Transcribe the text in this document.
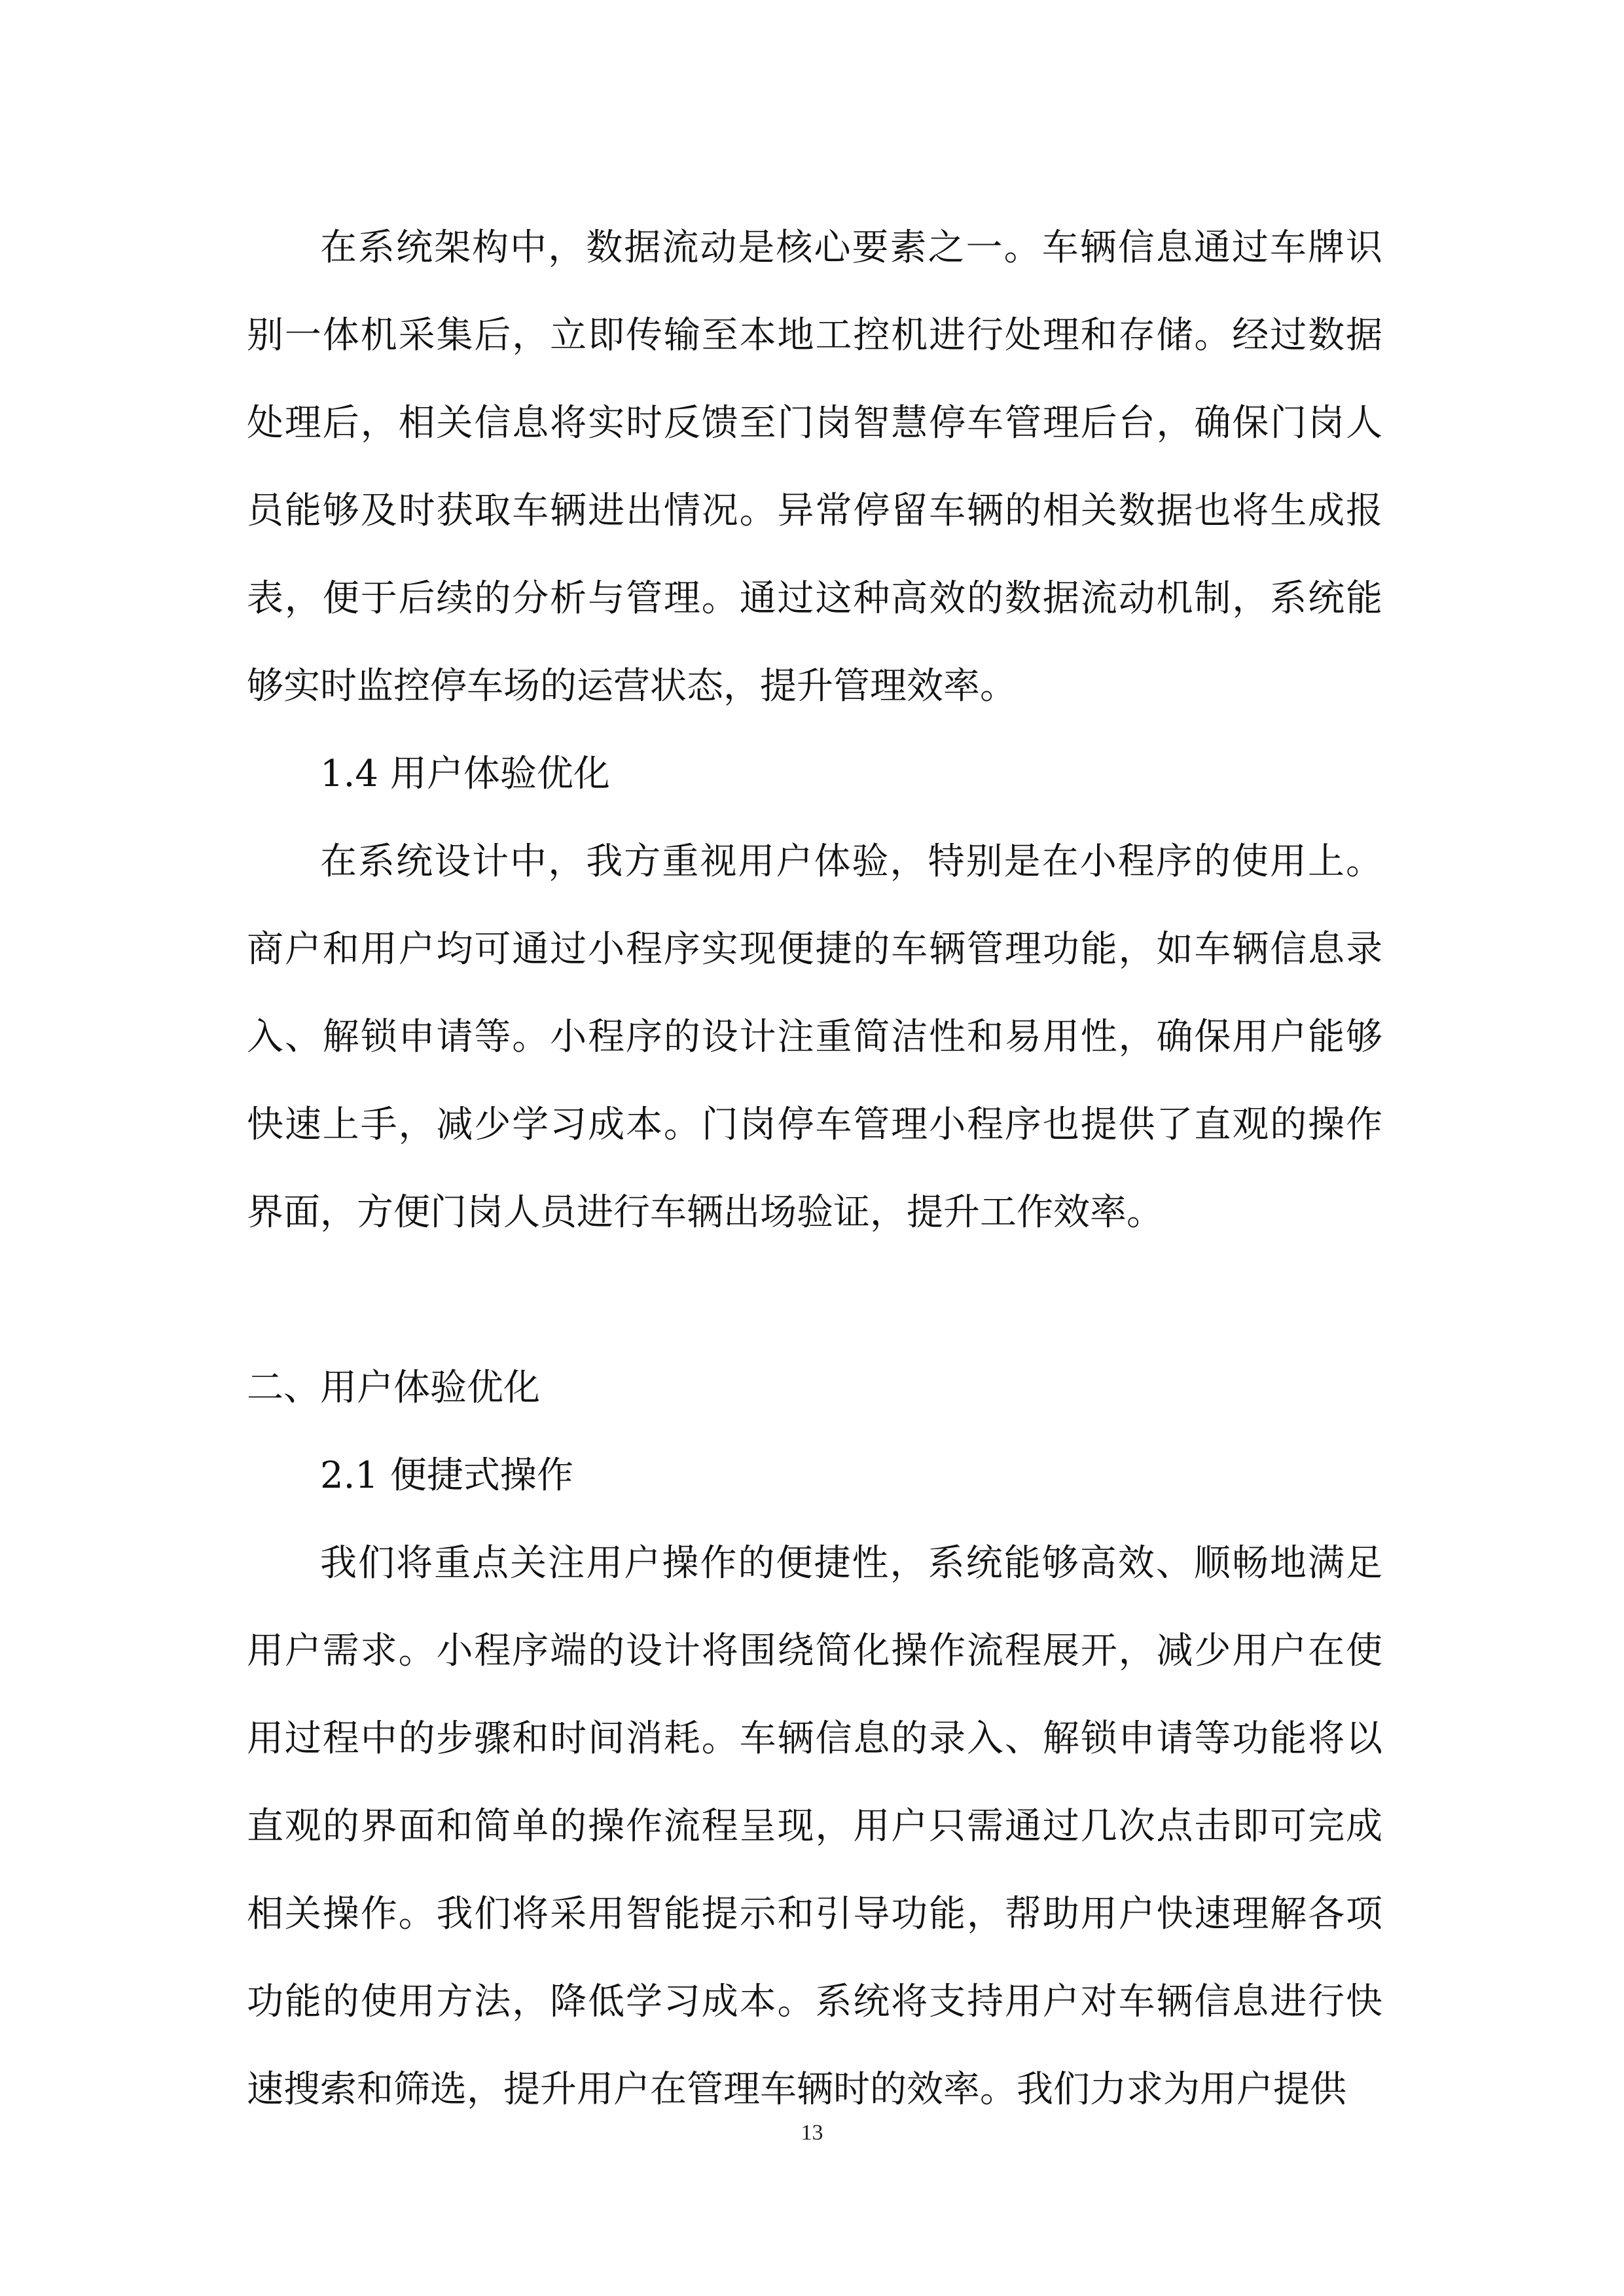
在系统架构中，数据流动是核心要素之一。车辆信息通过车牌识别一体机采集后，立即传输至本地工控机进行处理和存储。经过数据处理后，相关信息将实时反馈至门岗智慧停车管理后台，确保门岗人员能够及时获取车辆进出情况。异常停留车辆的相关数据也将生成报表，便于后续的分析与管理。通过这种高效的数据流动机制，系统能够实时监控停车场的运营状态，提升管理效率。

1.4 用户体验优化

在系统设计中，我方重视用户体验，特别是在小程序的使用上。商户和用户均可通过小程序实现便捷的车辆管理功能，如车辆信息录入、解锁申请等。小程序的设计注重简洁性和易用性，确保用户能够快速上手，减少学习成本。门岗停车管理小程序也提供了直观的操作界面，方便门岗人员进行车辆出场验证，提升工作效率。

二、用户体验优化

2.1 便捷式操作

我们将重点关注用户操作的便捷性，系统能够高效、顺畅地满足用户需求。小程序端的设计将围绕简化操作流程展开，减少用户在使用过程中的步骤和时间消耗。车辆信息的录入、解锁申请等功能将以直观的界面和简单的操作流程呈现，用户只需通过几次点击即可完成相关操作。我们将采用智能提示和引导功能，帮助用户快速理解各项功能的使用方法，降低学习成本。系统将支持用户对车辆信息进行快速搜索和筛选，提升用户在管理车辆时的效率。我们力求为用户提供

13
